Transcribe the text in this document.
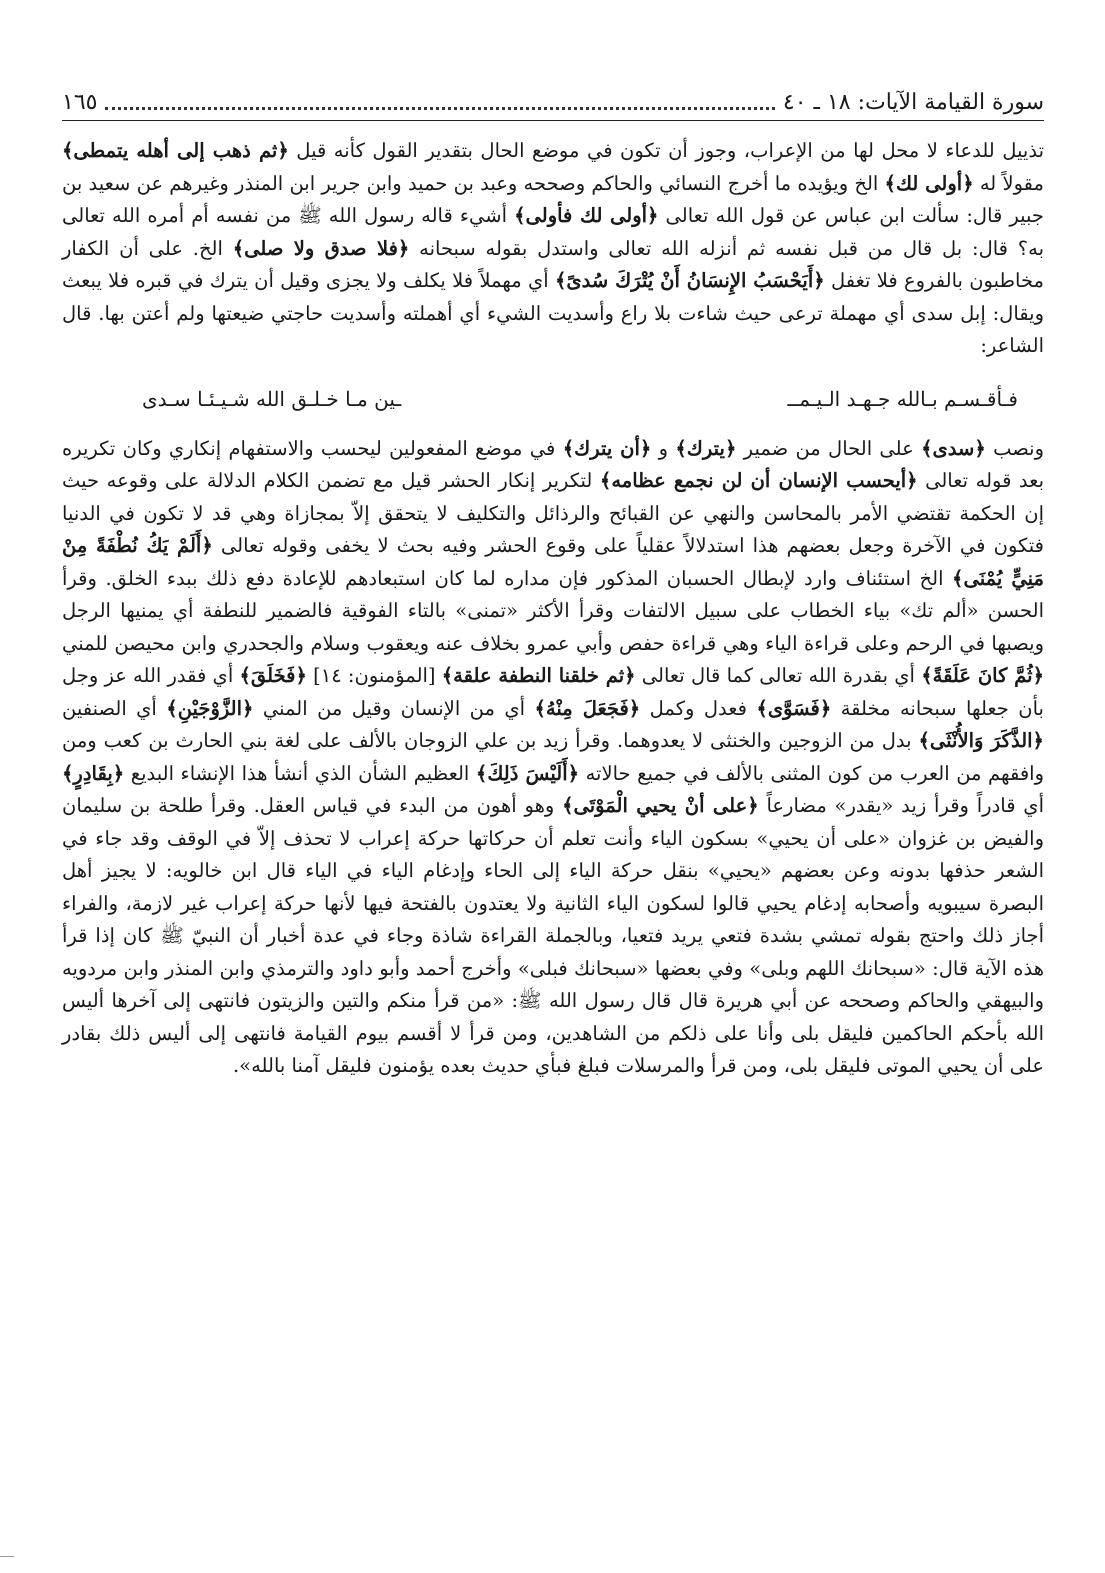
سورة القيامة الآيات: ١٨ ـ ٤٠
١٦٥

تذييل للدعاء لا محل لها من الإعراب، وجوز أن تكون في موضع الحال بتقدير القول كأنه قيل ﴿ثم ذهب إلى أهله يتمطى﴾ مقولاً له ﴿أولى لك﴾ الخ ويؤيده ما أخرج النسائي والحاكم وصححه وعبد بن حميد وابن جرير ابن المنذر وغيرهم عن سعيد بن جبير قال: سألت ابن عباس عن قول الله تعالى ﴿أولى لك فأولى﴾ أشيء قاله رسول الله ﷺ من نفسه أم أمره الله تعالى به؟ قال: بل قال من قبل نفسه ثم أنزله الله تعالى واستدل بقوله سبحانه ﴿فلا صدق ولا صلى﴾ الخ. على أن الكفار مخاطبون بالفروع فلا تغفل ﴿أَيَحْسَبُ الإِنسَانُ أَنْ يُتْرَكَ سُدىً﴾ أي مهملاً فلا يكلف ولا يجزى وقيل أن يترك في قبره فلا يبعث ويقال: إبل سدى أي مهملة ترعى حيث شاءت بلا راع وأسديت الشيء أي أهملته وأسديت حاجتي ضيعتها ولم أعتن بها. قال الشاعر:

فـأقـسـم بـالله جـهـد الـيـمــ
ـين مـا خـلـق الله شـيـئـا سـدى

ونصب ﴿سدى﴾ على الحال من ضمير ﴿يترك﴾ و ﴿أن يترك﴾ في موضع المفعولين ليحسب والاستفهام إنكاري وكان تكريره بعد قوله تعالى ﴿أيحسب الإنسان أن لن نجمع عظامه﴾ لتكرير إنكار الحشر قيل مع تضمن الكلام الدلالة على وقوعه حيث إن الحكمة تقتضي الأمر بالمحاسن والنهي عن القبائح والرذائل والتكليف لا يتحقق إلاّ بمجازاة وهي قد لا تكون في الدنيا فتكون في الآخرة وجعل بعضهم هذا استدلالاً عقلياً على وقوع الحشر وفيه بحث لا يخفى وقوله تعالى ﴿أَلَمْ يَكُ نُطْفَةً مِنْ مَنِيٍّ يُمْنَى﴾ الخ استئناف وارد لإبطال الحسبان المذكور فإن مداره لما كان استبعادهم للإعادة دفع ذلك ببدء الخلق. وقرأ الحسن «ألم تك» بياء الخطاب على سبيل الالتفات وقرأ الأكثر «تمنى» بالتاء الفوقية فالضمير للنطفة أي يمنيها الرجل ويصبها في الرحم وعلى قراءة الياء وهي قراءة حفص وأبي عمرو بخلاف عنه ويعقوب وسلام والجحدري وابن محيصن للمني ﴿ثُمَّ كانَ عَلَقَةً﴾ أي بقدرة الله تعالى كما قال تعالى ﴿ثم خلقنا النطفة علقة﴾ [المؤمنون: ١٤] ﴿فَخَلَقَ﴾ أي فقدر الله عز وجل بأن جعلها سبحانه مخلقة ﴿فَسَوَّى﴾ فعدل وكمل ﴿فَجَعَلَ مِنْهُ﴾ أي من الإنسان وقيل من المني ﴿الزَّوْجَيْنِ﴾ أي الصنفين ﴿الذَّكَرَ وَالأُنْثَى﴾ بدل من الزوجين والخنثى لا يعدوهما. وقرأ زيد بن علي الزوجان بالألف على لغة بني الحارث بن كعب ومن وافقهم من العرب من كون المثنى بالألف في جميع حالاته ﴿أَلَيْسَ ذَلِكَ﴾ العظيم الشأن الذي أنشأ هذا الإنشاء البديع ﴿بِقَادِرٍ﴾ أي قادراً وقرأ زيد «يقدر» مضارعاً ﴿على أنْ يحيي الْمَوْتَى﴾ وهو أهون من البدء في قياس العقل. وقرأ طلحة بن سليمان والفيض بن غزوان «على أن يحيي» بسكون الياء وأنت تعلم أن حركاتها حركة إعراب لا تحذف إلاّ في الوقف وقد جاء في الشعر حذفها بدونه وعن بعضهم «يحيي» بنقل حركة الياء إلى الحاء وإدغام الياء في الياء قال ابن خالويه: لا يجيز أهل البصرة سيبويه وأصحابه إدغام يحيي قالوا لسكون الياء الثانية ولا يعتدون بالفتحة فيها لأنها حركة إعراب غير لازمة، والفراء أجاز ذلك واحتج بقوله تمشي بشدة فتعي يريد فتعيا، وبالجملة القراءة شاذة وجاء في عدة أخبار أن النبيّ ﷺ كان إذا قرأ هذه الآية قال: «سبحانك اللهم وبلى» وفي بعضها «سبحانك فبلى» وأخرج أحمد وأبو داود والترمذي وابن المنذر وابن مردويه والبيهقي والحاكم وصححه عن أبي هريرة قال قال رسول الله ﷺ: «من قرأ منكم والتين والزيتون فانتهى إلى آخرها أليس الله بأحكم الحاكمين فليقل بلى وأنا على ذلكم من الشاهدين، ومن قرأ لا أقسم بيوم القيامة فانتهى إلى أليس ذلك بقادر على أن يحيي الموتى فليقل بلى، ومن قرأ والمرسلات فبلغ فبأي حديث بعده يؤمنون فليقل آمنا بالله».
